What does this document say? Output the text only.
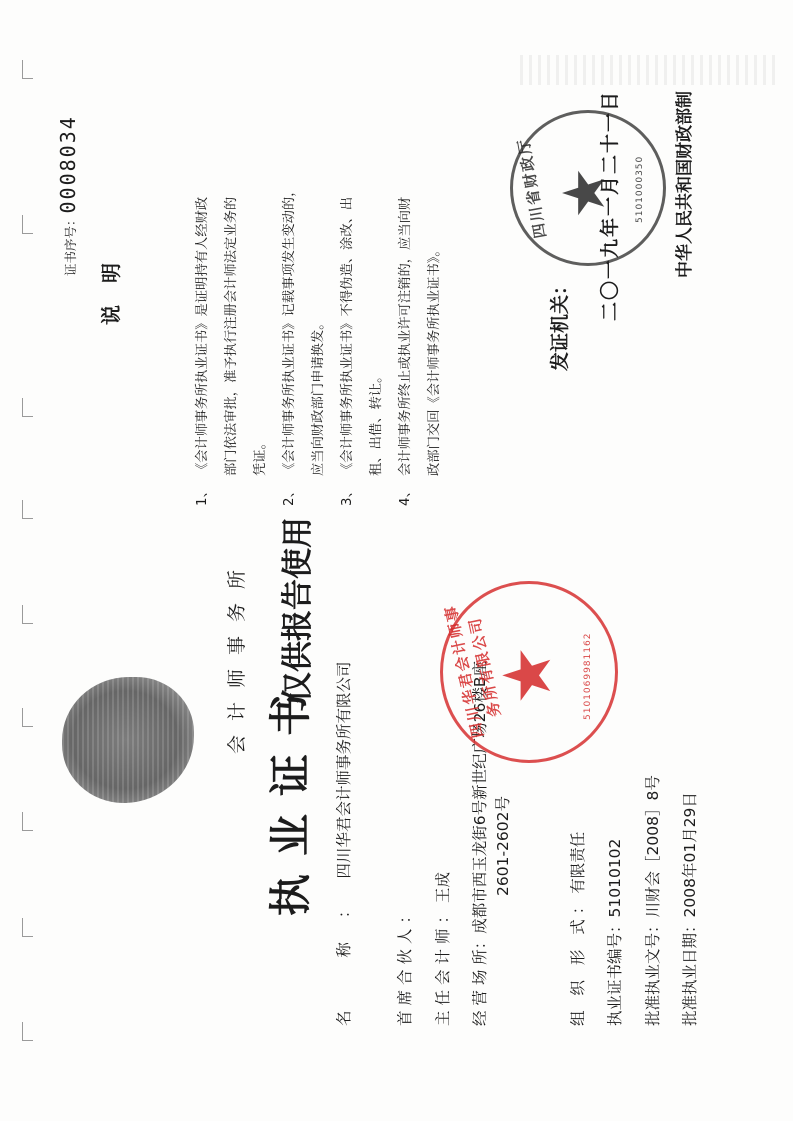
会计师事务所
执业证书
仅供报告使用
名 称：四川华君会计师事务所有限公司
首席合伙人： 主任会计师：王成
经 营 场 所：成都市西玉龙街6号新世纪广场26楼B座 2601-2602号
组 织 形 式：有限责任
执业证书编号：51010102
批准执业文号：川财会［2008］8号
批准执业日期：2008年01月29日
四川华君会计师事务所有限公司
★ 5101069981162
说明
证书序号：0008034
1、
《会计师事务所执业证书》是证明持有人经财政	部门依法审批，准予执行注册会计师法定业务的	凭证。
2、
《会计师事务所执业证书》记载事项发生变动的，	应当向财政部门申请换发。
3、
《会计师事务所执业证书》不得伪造、涂改、出	租、出借、转让。
4、
会计师事务所终止或执业许可注销的，应当向财	政部门交回《会计师事务所执业证书》。	发证机关：
二〇一九年一月二十一日	中华人民共和国财政部制
四川省财政厅 ★ 5101000350
